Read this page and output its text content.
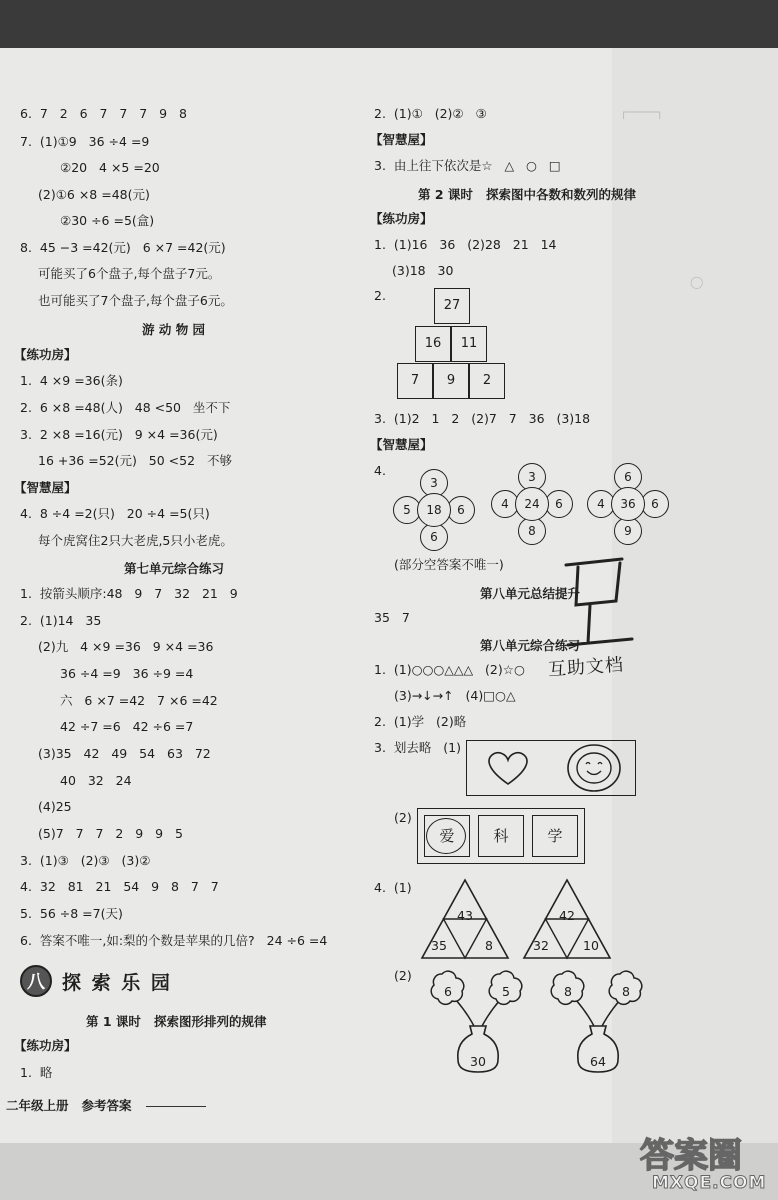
┌────┐
◯
6.  7   2   6   7   7   7   9   8
7.  (1)①9   36 ÷4 =9
②20   4 ×5 =20
(2)①6 ×8 =48(元)
②30 ÷6 =5(盒)
8.  45 −3 =42(元)   6 ×7 =42(元)
可能买了6个盘子,每个盘子7元。
也可能买了7个盘子,每个盘子6元。
游 动 物 园
【练功房】
1.  4 ×9 =36(条)
2.  6 ×8 =48(人)   48 <50   坐不下
3.  2 ×8 =16(元)   9 ×4 =36(元)
16 +36 =52(元)   50 <52   不够
【智慧屋】
4.  8 ÷4 =2(只)   20 ÷4 =5(只)
每个虎窝住2只大老虎,5只小老虎。
第七单元综合练习
1.  按箭头顺序:48   9   7   32   21   9
2.  (1)14   35
(2)九   4 ×9 =36   9 ×4 =36
36 ÷4 =9   36 ÷9 =4
六   6 ×7 =42   7 ×6 =42
42 ÷7 =6   42 ÷6 =7
(3)35   42   49   54   63   72
40   32   24
(4)25
(5)7   7   7   2   9   9   5
3.  (1)③   (2)③   (3)②
4.  32   81   21   54   9   8   7   7
5.  56 ÷8 =7(天)
6.  答案不唯一,如:梨的个数是苹果的几倍?   24 ÷6 =4
八 探 索 乐 园
第 1 课时   探索图形排列的规律
【练功房】
1.  略
二年级上册   参考答案
2.  (1)①   (2)②   ③
【智慧屋】
3.  由上往下依次是☆   △   ○   □
第 2 课时   探索图中各数和数列的规律
【练功房】
1.  (1)16   36   (2)28   21   14
(3)18   30
2.
27
16	11
7	9	2
3.  (1)2   1   2   (2)7   7   36   (3)18
【智慧屋】
4.
3
5	6
6
18
3
4	6
8
24
6
4	6
9
36
(部分空答案不唯一)
第八单元总结提升
35   7
第八单元综合练习
1.  (1)○○○△△△   (2)☆○
(3)→↓→↑   (4)□○△
2.  (1)学   (2)略
3.  划去略   (1)
(2)
爱	科	学
4.  (1)
43
35	8
42
32	10
(2)
6	5
30
8	8
64
互助文档
答案圈
MXQE.COM
